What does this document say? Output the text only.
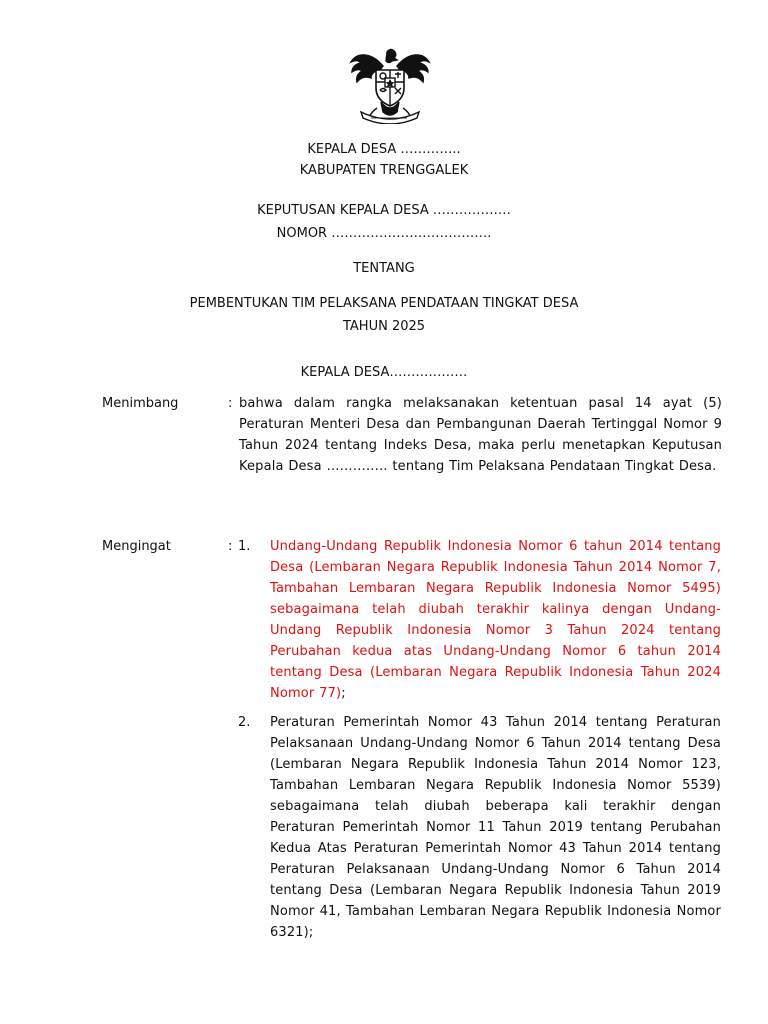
KEPALA DESA …………..
KABUPATEN TRENGGALEK
KEPUTUSAN KEPALA DESA ………………
NOMOR ……………………………….
TENTANG
PEMBENTUKAN TIM PELAKSANA PENDATAAN TINGKAT DESA
TAHUN 2025
KEPALA DESA………………
Menimbang	: bahwa dalam rangka melaksanakan ketentuan pasal 14 ayat (5) Peraturan Menteri Desa dan Pembangunan Daerah Tertinggal Nomor 9 Tahun 2024 tentang Indeks Desa, maka perlu menetapkan Keputusan Kepala Desa ………….. tentang Tim Pelaksana Pendataan Tingkat Desa.
Mengingat	: 1. Undang-Undang Republik Indonesia Nomor 6 tahun 2014 tentang Desa (Lembaran Negara Republik Indonesia Tahun 2014 Nomor 7, Tambahan Lembaran Negara Republik Indonesia Nomor 5495) sebagaimana telah diubah terakhir kalinya dengan Undang-Undang Republik Indonesia Nomor 3 Tahun 2024 tentang Perubahan kedua atas Undang-Undang Nomor 6 tahun 2014 tentang Desa (Lembaran Negara Republik Indonesia Tahun 2024 Nomor 77);
2. Peraturan Pemerintah Nomor 43 Tahun 2014 tentang Peraturan Pelaksanaan Undang-Undang Nomor 6 Tahun 2014 tentang Desa (Lembaran Negara Republik Indonesia Tahun 2014 Nomor 123, Tambahan Lembaran Negara Republik Indonesia Nomor 5539) sebagaimana telah diubah beberapa kali terakhir dengan Peraturan Pemerintah Nomor 11 Tahun 2019 tentang Perubahan Kedua Atas Peraturan Pemerintah Nomor 43 Tahun 2014 tentang Peraturan Pelaksanaan Undang-Undang Nomor 6 Tahun 2014 tentang Desa (Lembaran Negara Republik Indonesia Tahun 2019 Nomor 41, Tambahan Lembaran Negara Republik Indonesia Nomor 6321);
